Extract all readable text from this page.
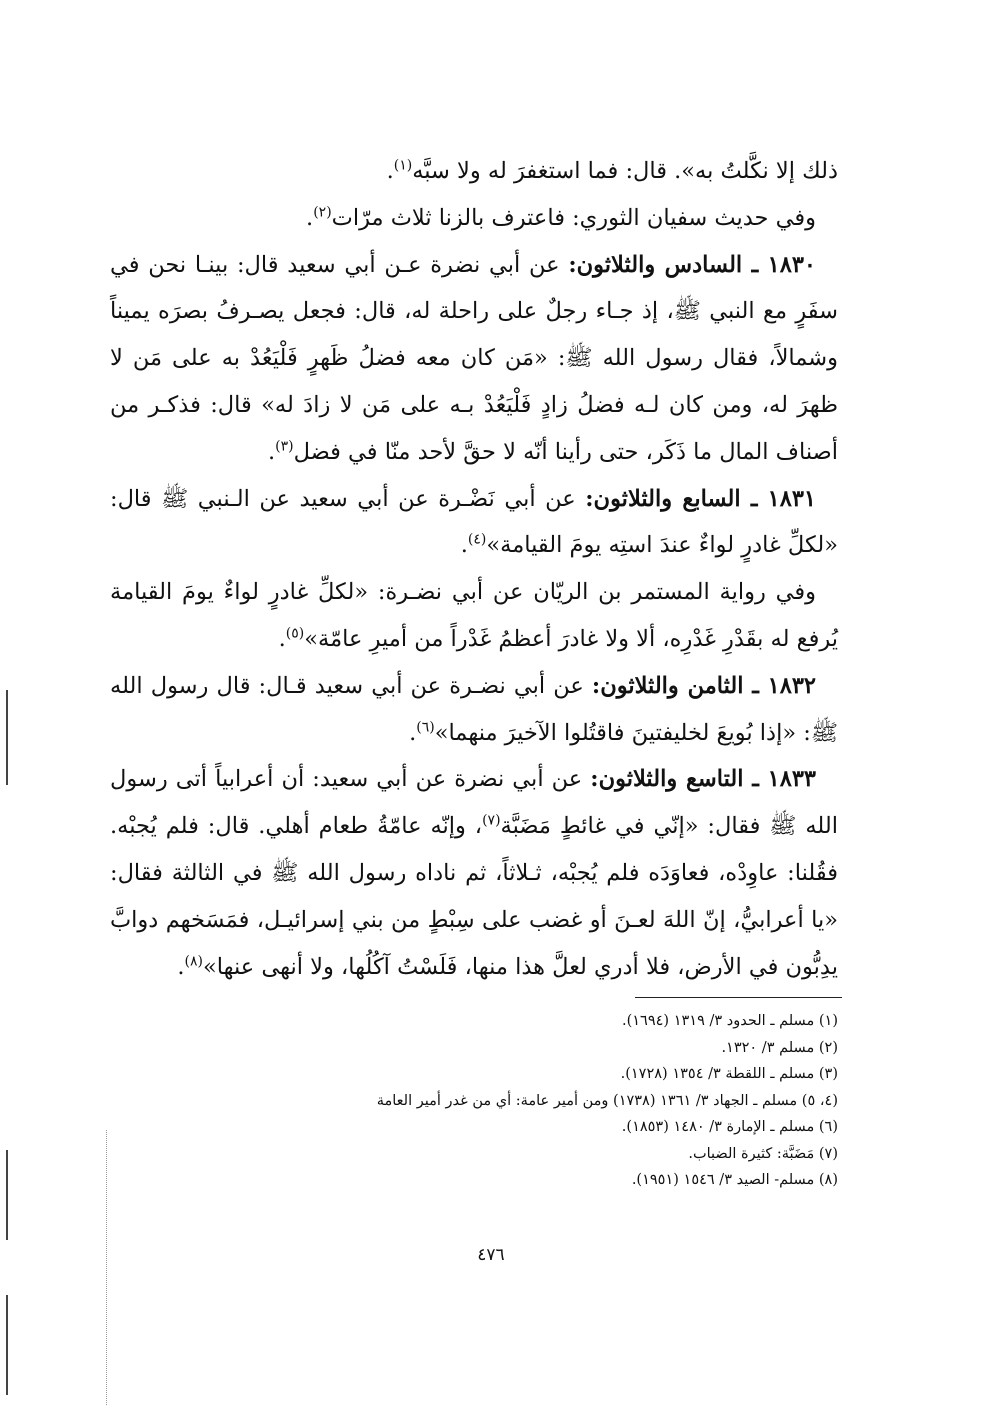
ذلك إلا نكَّلتُ به». قال: فما استغفرَ له ولا سبَّه$^{(١)}$.

وفي حديث سفيان الثوري: فاعترف بالزنا ثلاث مرّات$^{(٢)}$.

١٨٣٠ ـ السادس والثلاثون: عن أبي نضرة عـن أبي سعيد قال: بينـا نحن في سفَرٍ مع النبي ﷺ، إذ جـاء رجلٌ على راحلة له، قال: فجعل يصـرفُ بصرَه يميناً وشمالاً، فقال رسول الله ﷺ: «مَن كان معه فضلُ ظَهرٍ فَلْيَعُدْ به على مَن لا ظهرَ له، ومن كان لـه فضلُ زادٍ فَلْيَعُدْ بـه على مَن لا زادَ له» قال: فذكـر من أصناف المال ما ذَكَر، حتى رأينا أنّه لا حقَّ لأحد منّا في فضل$^{(٣)}$.

١٨٣١ ـ السابع والثلاثون: عن أبي نَضْـرة عن أبي سعيد عن الـنبي ﷺ قال: «لكلِّ غادرٍ لواءٌ عندَ استِه يومَ القيامة»$^{(٤)}$.

وفي رواية المستمر بن الريّان عن أبي نضـرة: «لكلِّ غادرٍ لواءٌ يومَ القيامة يُرفع له بقَدْرِ غَدْرِه، ألا ولا غادرَ أعظمُ غَدْراً من أميرِ عامّة»$^{(٥)}$.

١٨٣٢ ـ الثامن والثلاثون: عن أبي نضـرة عن أبي سعيد قـال: قال رسول الله ﷺ: «إذا بُويعَ لخليفتينَ فاقتُلوا الآخيرَ منهما»$^{(٦)}$.

١٨٣٣ ـ التاسع والثلاثون: عن أبي نضرة عن أبي سعيد: أن أعرابياً أتى رسول الله ﷺ فقال: «إنّي في غائطٍ مَضَبَّة$^{(٧)}$، وإنّه عامّةُ طعام أهلي. قال: فلم يُجبْه. فقُلنا: عاوِدْه، فعاوَدَه فلم يُجبْه، ثـلاثاً، ثم ناداه رسول الله ﷺ في الثالثة فقال: «يا أعرابيُّ، إنّ اللهَ لعـنَ أو غضب على سِبْطٍ من بني إسرائيـل، فمَسَخهم دوابَّ يدِبُّون في الأرض، فلا أدري لعلَّ هذا منها، فَلَسْتُ آكُلُها، ولا أنهى عنها»$^{(٨)}$.

(١) مسلم ـ الحدود ٣/ ١٣١٩ (١٦٩٤).
(٢) مسلم ٣/ ١٣٢٠.
(٣) مسلم ـ اللقطة ٣/ ١٣٥٤ (١٧٢٨).
(٤، ٥) مسلم ـ الجهاد ٣/ ١٣٦١ (١٧٣٨) ومن أمير عامة: أي من غدر أمير العامة
(٦) مسلم ـ الإمارة ٣/ ١٤٨٠ (١٨٥٣).
(٧) مَضَبَّة: كثيرة الضباب.
(٨) مسلم- الصيد ٣/ ١٥٤٦ (١٩٥١).
٤٧٦
